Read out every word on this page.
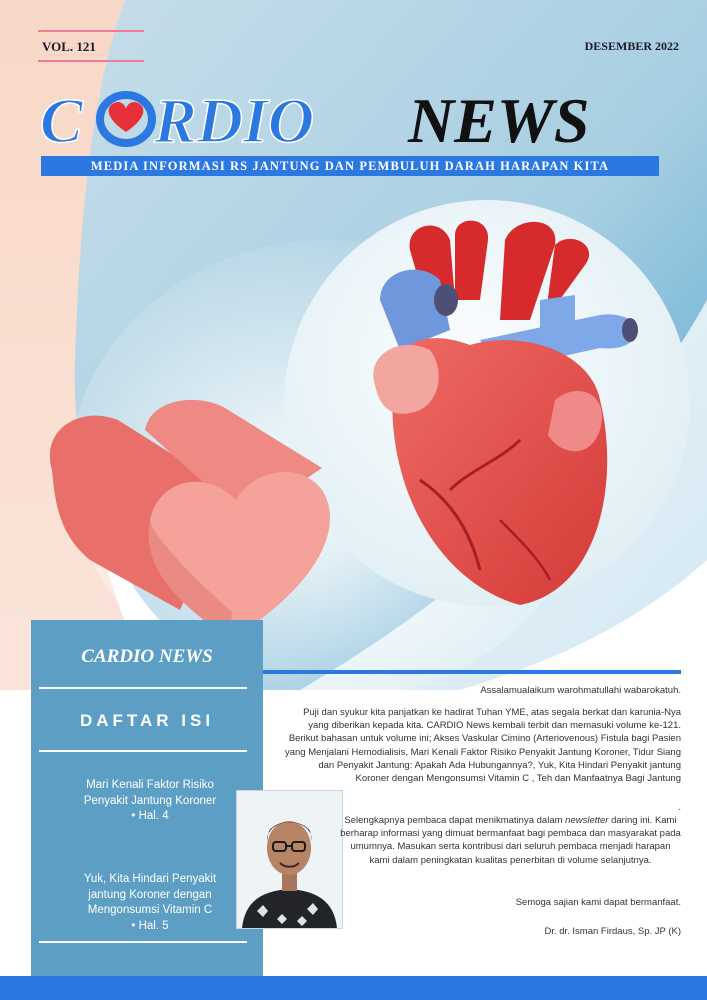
VOL. 121	DESEMBER 2022
C RDIO NEWS
MEDIA INFORMASI RS JANTUNG DAN PEMBULUH DARAH HARAPAN KITA
CARDIO NEWS
DAFTAR ISI
Mari Kenali Faktor Risiko Penyakit Jantung Koroner
• Hal. 4
Yuk, Kita Hindari Penyakit jantung Koroner dengan Mengonsumsi Vitamin C
• Hal. 5
Assalamualaikum warohmatullahi wabarokatuh.
Puji dan syukur kita panjatkan ke hadirat Tuhan YME, atas segala berkat dan karunia-Nya yang diberikan kepada kita. CARDIO News kembali terbit dan memasuki volume ke-121. Berikut bahasan untuk volume ini; Akses Vaskular Cimino (Arteriovenous) Fistula bagi Pasien yang Menjalani Hemodialisis, Mari Kenali Faktor Risiko Penyakit Jantung Koroner, Tidur Siang dan Penyakit Jantung: Apakah Ada Hubungannya?, Yuk, Kita Hindari Penyakit jantung Koroner dengan Mengonsumsi Vitamin C , Teh dan Manfaatnya Bagi Jantung
.
Selengkapnya pembaca dapat menikmatinya dalam newsletter daring ini. Kami berharap informasi yang dimuat bermanfaat bagi pembaca dan masyarakat pada umumnya. Masukan serta kontribusi dari seluruh pembaca menjadi harapan kami dalam peningkatan kualitas penerbitan di volume selanjutnya.
Semoga sajian kami dapat bermanfaat.
Dr. dr. Isman Firdaus, Sp. JP (K)
